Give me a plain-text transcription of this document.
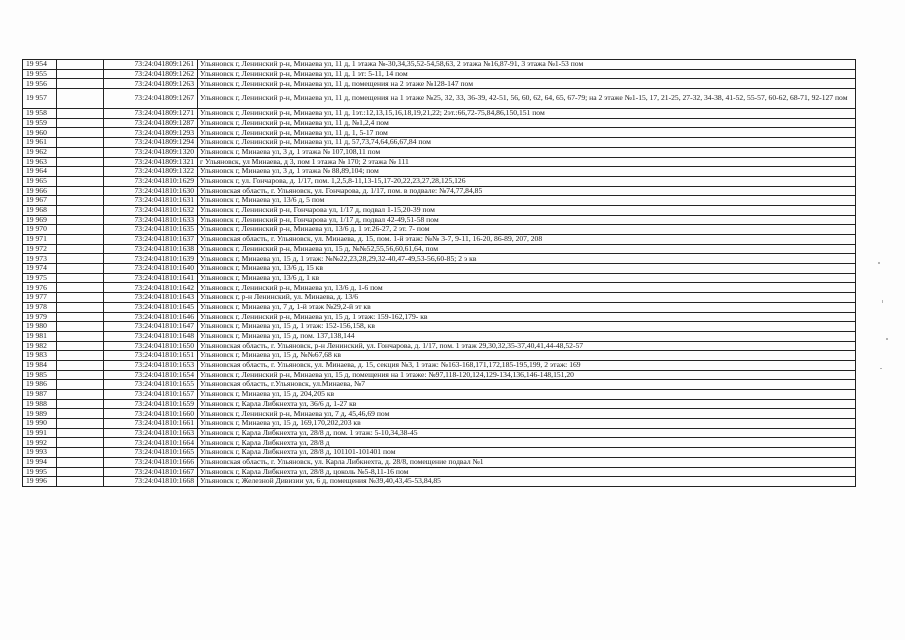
19 954		73:24:041809:1261	Ульяновск г, Ленинский р-н, Минаева ул, 11 д, 1 этажа №-30,34,35,52-54,58,63, 2 этажа №16,87-91, 3 этажа №1-53 пом
19 955		73:24:041809:1262	Ульяновск г, Ленинский р-н, Минаева ул, 11 д, 1 эт: 5-11, 14 пом
19 956		73:24:041809:1263	Ульяновск г, Ленинский р-н, Минаева ул, 11 д, помещения на 2 этаже №128-147 пом
19 957		73:24:041809:1267	Ульяновск г, Ленинский р-н, Минаева ул, 11 д, помещения на 1 этаже №25, 32, 33, 36-39, 42-51, 56, 60, 62, 64, 65, 67-79; на 2 этаже №1-15, 17, 21-25, 27-32, 34-38, 41-52, 55-57, 60-62, 68-71, 92-127 пом
19 958		73:24:041809:1271	Ульяновск г, Ленинский р-н, Минаева ул, 11 д, 1эт.:12,13,15,16,18,19,21,22; 2эт.:66,72-75,84,86,150,151 пом
19 959		73:24:041809:1287	Ульяновск г, Ленинский р-н, Минаева ул, 11 д, №1,2,4 пом
19 960		73:24:041809:1293	Ульяновск г, Ленинский р-н, Минаева ул, 11 д, 1, 5-17 пом
19 961		73:24:041809:1294	Ульяновск г, Ленинский р-н, Минаева ул, 11 д, 57,73,74,64,66,67,84 пом
19 962		73:24:041809:1320	Ульяновск г, Минаева ул, 3 д, 1 этажа № 107,108,11 пом
19 963		73:24:041809:1321	г Ульяновск, ул Минаева, д 3, пом 1 этажа № 170; 2 этажа № 111
19 964		73:24:041809:1322	Ульяновск г, Минаева ул, 3 д, 1 этажа № 88,89,104; пом
19 965		73:24:041810:1629	Ульяновск г, ул. Гончарова, д. 1/17, пом. 1,2,5,8-11,13-15,17-20,22,23,27,28,125,126
19 966		73:24:041810:1630	Ульяновская область, г. Ульяновск, ул. Гончарова, д. 1/17, пом. в подвале: №74,77,84,85
19 967		73:24:041810:1631	Ульяновск г, Минаева ул, 13/6 д, 5 пом
19 968		73:24:041810:1632	Ульяновск г, Ленинский р-н, Гончарова ул, 1/17 д, подвал 1-15,20-39 пом
19 969		73:24:041810:1633	Ульяновск г, Ленинский р-н, Гончарова ул, 1/17 д, подвал 42-49,51-58 пом
19 970		73:24:041810:1635	Ульяновск г, Ленинский р-н, Минаева ул, 13/6 д, 1 эт.26-27, 2 эт. 7- пом
19 971		73:24:041810:1637	Ульяновская область, г. Ульяновск, ул. Минаева, д. 15, пом. 1-й этаж: №№ 3-7, 9-11, 16-20, 86-89, 207, 208
19 972		73:24:041810:1638	Ульяновск г, Ленинский р-н, Минаева ул, 15 д, №№52,55,56,60,61,64, пом
19 973		73:24:041810:1639	Ульяновск г, Минаева ул, 15 д, 1 этаж: №№22,23,28,29,32-40,47-49,53-56,60-85; 2 э кв
19 974		73:24:041810:1640	Ульяновск г, Минаева ул, 13/6 д, 15 кв
19 975		73:24:041810:1641	Ульяновск г, Минаева ул, 13/6 д, 1 кв
19 976		73:24:041810:1642	Ульяновск г, Ленинский р-н, Минаева ул, 13/6 д, 1-6 пом
19 977		73:24:041810:1643	Ульяновск г, р-н Ленинский, ул. Минаева, д. 13/6
19 978		73:24:041810:1645	Ульяновск г, Минаева ул, 7 д, 1-й этаж №29,2-й эт кв
19 979		73:24:041810:1646	Ульяновск г, Ленинский р-н, Минаева ул, 15 д, 1 этаж: 159-162,179- кв
19 980		73:24:041810:1647	Ульяновск г, Минаева ул, 15 д, 1 этаж: 152-156,158, кв
19 981		73:24:041810:1648	Ульяновск г, Минаева ул, 15 д, пом. 137,138,144
19 982		73:24:041810:1650	Ульяновская область, г. Ульяновск, р-н Ленинский, ул. Гончарова, д. 1/17, пом. 1 этаж 29,30,32,35-37,40,41,44-48,52-57
19 983		73:24:041810:1651	Ульяновск г, Минаева ул, 15 д, №№67,68 кв
19 984		73:24:041810:1653	Ульяновская область, г. Ульяновск, ул. Минаева, д. 15, секция №3, 1 этаж: №163-168,171,172,185-195,199, 2 этаж: 169
19 985		73:24:041810:1654	Ульяновск г, Ленинский р-н, Минаева ул, 15 д, помещения на 1 этаже: №97,118-120,124,129-134,136,146-148,151,20
19 986		73:24:041810:1655	Ульяновская область, г.Ульяновск, ул.Минаева, №7
19 987		73:24:041810:1657	Ульяновск г, Минаева ул, 15 д, 204,205 кв
19 988		73:24:041810:1659	Ульяновск г, Карла Либкнехта ул, 36/6 д, 1-27 кв
19 989		73:24:041810:1660	Ульяновск г, Ленинский р-н, Минаева ул, 7 д, 45,46,69 пом
19 990		73:24:041810:1661	Ульяновск г, Минаева ул, 15 д, 169,170,202,203 кв
19 991		73:24:041810:1663	Ульяновск г, Карла Либкнехта ул, 28/8 д, пом. 1 этаж: 5-10,34,38-45
19 992		73:24:041810:1664	Ульяновск г, Карла Либкнехта ул, 28/8 д
19 993		73:24:041810:1665	Ульяновск г, Карла Либкнехта ул, 28/8 д, 101101-101401 пом
19 994		73:24:041810:1666	Ульяновская область, г. Ульяновск, ул. Карла Либкнехта, д. 28/8, помещение подвал №1
19 995		73:24:041810:1667	Ульяновск г, Карла Либкнехта ул, 28/8 д, цоколь №5-8,11-16 пом
19 996		73:24:041810:1668	Ульяновск г, Железной Дивизии ул, 6 д, помещения №39,40,43,45-53,84,85
